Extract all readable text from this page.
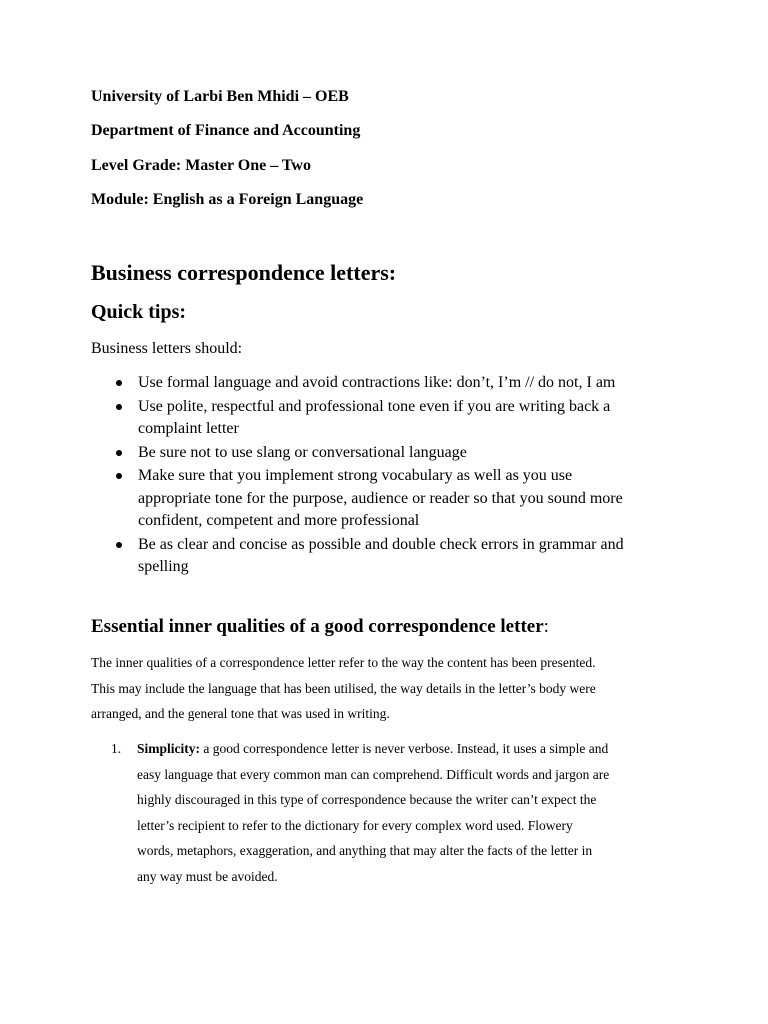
University of Larbi Ben Mhidi – OEB

Department of Finance and Accounting

Level Grade: Master One – Two

Module: English as a Foreign Language

Business correspondence letters:
Quick tips:

Business letters should:

Use formal language and avoid contractions like: don’t, I’m // do not, I am
Use polite, respectful and professional tone even if you are writing back a complaint letter
Be sure not to use slang or conversational language
Make sure that you implement strong vocabulary as well as you use appropriate tone for the purpose, audience or reader so that you sound more confident, competent and more professional
Be as clear and concise as possible and double check errors in grammar and spelling
Essential inner qualities of a good correspondence letter:

The inner qualities of a correspondence letter refer to the way the content has been presented. This may include the language that has been utilised, the way details in the letter’s body were arranged, and the general tone that was used in writing.

1. Simplicity: a good correspondence letter is never verbose. Instead, it uses a simple and easy language that every common man can comprehend. Difficult words and jargon are highly discouraged in this type of correspondence because the writer can’t expect the letter’s recipient to refer to the dictionary for every complex word used. Flowery words, metaphors, exaggeration, and anything that may alter the facts of the letter in any way must be avoided.
